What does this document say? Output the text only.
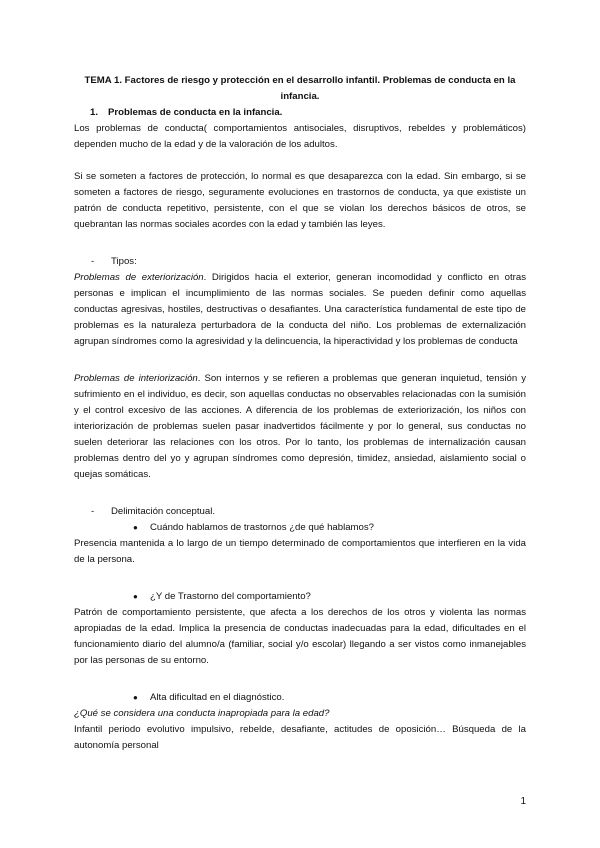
TEMA 1. Factores de riesgo y protección en el desarrollo infantil. Problemas de conducta en la infancia.

1. Problemas de conducta en la infancia.

Los problemas de conducta( comportamientos antisociales, disruptivos, rebeldes y problemáticos) dependen mucho de la edad y de la valoración de los adultos.

Si se someten a factores de protección, lo normal es que desaparezca con la edad. Sin embargo, si se someten a factores de riesgo, seguramente evoluciones en trastornos de conducta, ya que exististe un patrón de conducta repetitivo, persistente, con el que se violan los derechos básicos de otros, se quebrantan las normas sociales acordes con la edad y también las leyes.

- Tipos:

Problemas de exteriorización. Dirigidos hacia el exterior, generan incomodidad y conflicto en otras personas e implican el incumplimiento de las normas sociales. Se pueden definir como aquellas conductas agresivas, hostiles, destructivas o desafiantes. Una característica fundamental de este tipo de problemas es la naturaleza perturbadora de la conducta del niño. Los problemas de externalización agrupan síndromes como la agresividad y la delincuencia, la hiperactividad y los problemas de conducta

Problemas de interiorización. Son internos y se refieren a problemas que generan inquietud, tensión y sufrimiento en el individuo, es decir, son aquellas conductas no observables relacionadas con la sumisión y el control excesivo de las acciones. A diferencia de los problemas de exteriorización, los niños con interiorización de problemas suelen pasar inadvertidos fácilmente y por lo general, sus conductas no suelen deteriorar las relaciones con los otros. Por lo tanto, los problemas de internalización causan problemas dentro del yo y agrupan síndromes como depresión, timidez, ansiedad, aislamiento social o quejas somáticas.

- Delimitación conceptual.
● Cuándo hablamos de trastornos ¿de qué hablamos?

Presencia mantenida a lo largo de un tiempo determinado de comportamientos que interfieren en la vida de la persona.

● ¿Y de Trastorno del comportamiento?

Patrón de comportamiento persistente, que afecta a los derechos de los otros y violenta las normas apropiadas de la edad. Implica la presencia de conductas inadecuadas para la edad, dificultades en el funcionamiento diario del alumno/a (familiar, social y/o escolar) llegando a ser vistos como inmanejables por las personas de su entorno.

● Alta dificultad en el diagnóstico.

¿Qué se considera una conducta inapropiada para la edad?

Infantil periodo evolutivo impulsivo, rebelde, desafiante, actitudes de oposición… Búsqueda de la autonomía personal

1
